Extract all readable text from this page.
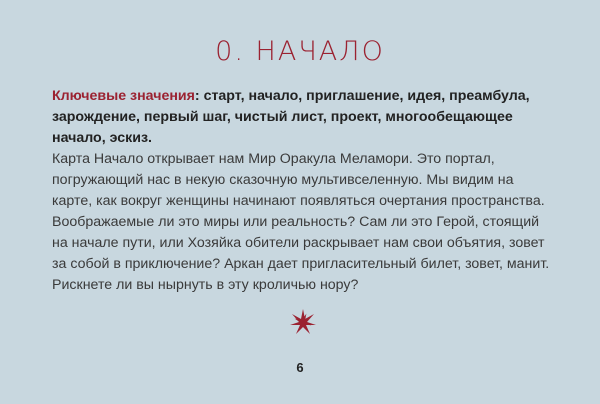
0. НАЧАЛО

Ключевые значения: старт, начало, приглашение, идея, преамбула, зарождение, первый шаг, чистый лист, проект, многообещающее начало, эскиз.

Карта Начало открывает нам Мир Оракула Меламори. Это портал, погружающий нас в некую сказочную мультивселенную. Мы видим на карте, как вокруг женщины начинают появляться очертания пространства. Воображаемые ли это миры или реальность? Сам ли это Герой, стоящий на начале пути, или Хозяйка обители раскрывает нам свои объятия, зовет за собой в приключение? Аркан дает пригласительный билет, зовет, манит. Рискнете ли вы нырнуть в эту кроличью нору?

6
